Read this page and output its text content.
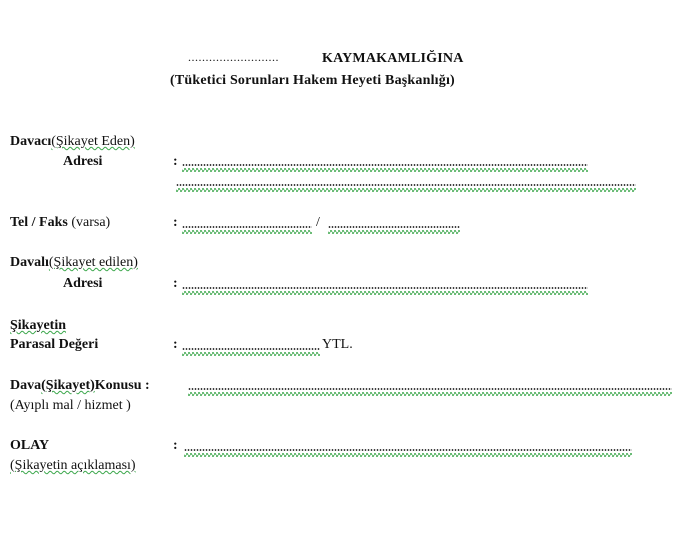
..........................	KAYMAKAMLIĞINA
(Tüketici Sorunları Hakem Heyeti Başkanlığı)
Davacı(Şikayet Eden)
Adresi	:
Tel / Faks (varsa)	:	/
Davalı(Şikayet edilen)
Adresi	:
Şikayetin
Parasal Değeri	:	YTL.
Dava(Şikayet)Konusu :
(Ayıplı mal / hizmet )
OLAY	:
(Şikayetin açıklaması)
